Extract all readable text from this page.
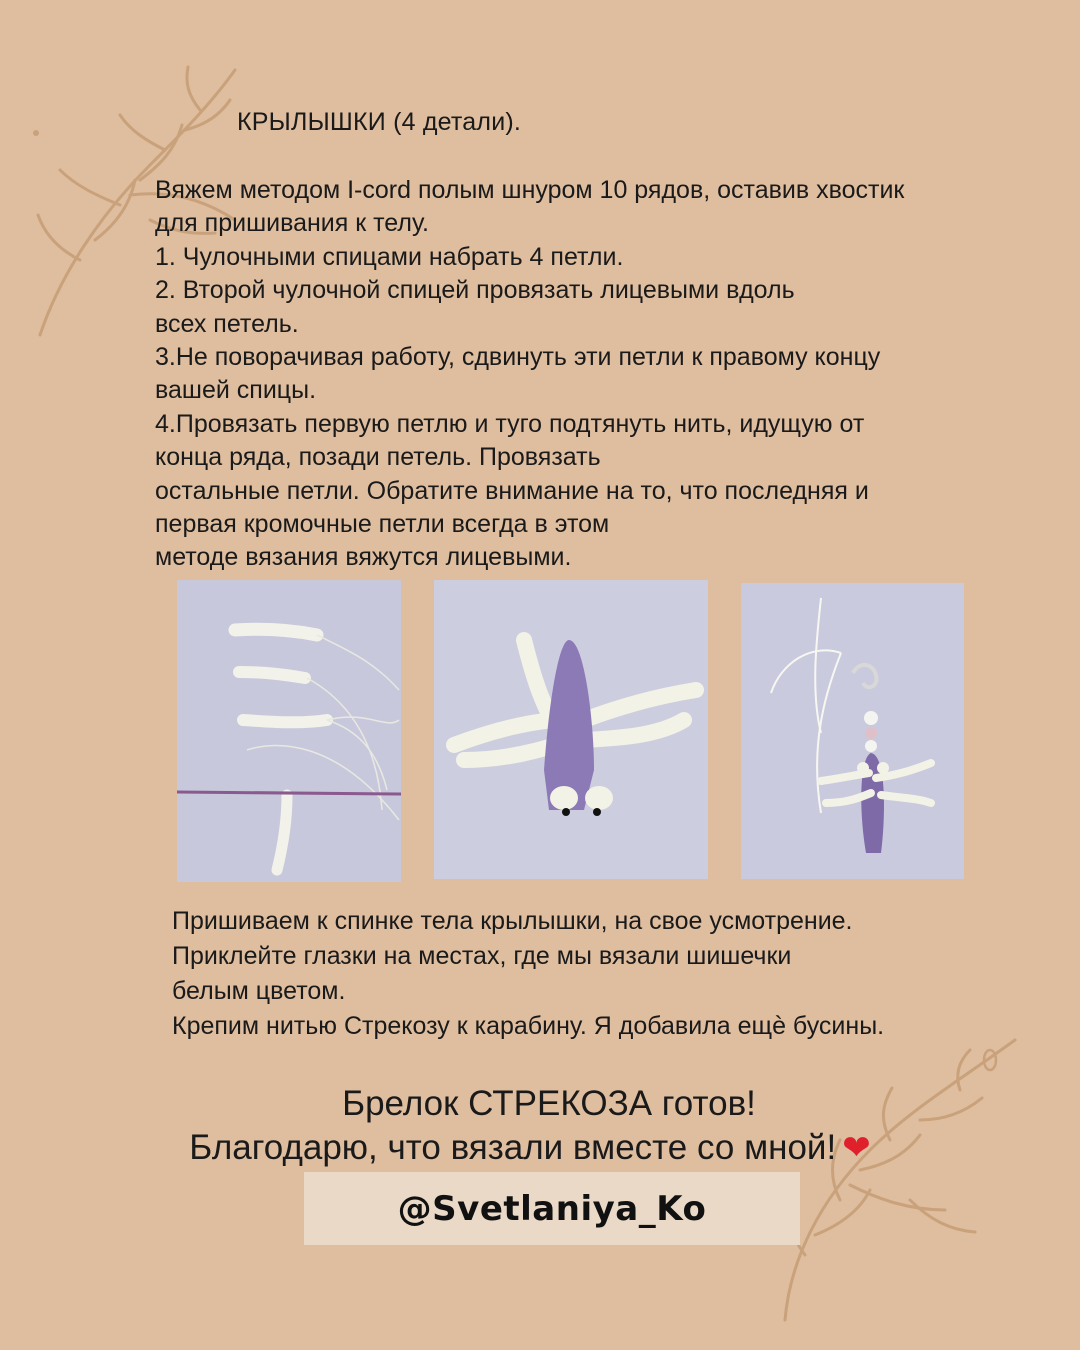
КРЫЛЫШКИ (4 детали).

Вяжем методом I-cord полым шнуром 10 рядов, оставив хвостик

для пришивания к телу.

1. Чулочными спицами набрать 4 петли.

2. Второй чулочной спицей провязать лицевыми вдоль

всех петель.

3.Не поворачивая работу, сдвинуть эти петли к правому концу

вашей спицы.

4.Провязать первую петлю и туго подтянуть нить, идущую от

конца ряда, позади петель. Провязать

остальные петли. Обратите внимание на то, что последняя и

первая кромочные петли всегда в этом

методе вязания вяжутся лицевыми.

Пришиваем к спинке тела крылышки, на свое усмотрение.

Приклейте глазки на местах, где мы вязали шишечки

белым цветом.

Крепим нитью Стрекозу к карабину. Я добавила ещѐ бусины.

Брелок СТРЕКОЗА готов!

Благодарю, что вязали вместе со мной! ❤

@Svetlaniya_Ko
